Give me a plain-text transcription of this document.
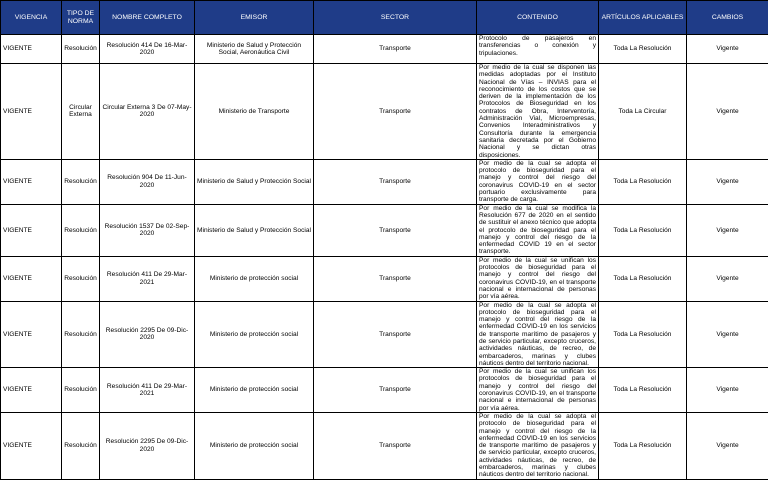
VIGENCIA	TIPO DE NORMA	NOMBRE COMPLETO	EMISOR	SECTOR	CONTENIDO	ARTÍCULOS APLICABLES	CAMBIOS
VIGENTE	Resolución	Resolución 414 De 16-Mar-2020	Ministerio de Salud y Protección Social, Aeronáutica Civil	Transporte	Protocolo de pasajeros en transferencias o conexión y tripulaciones.	Toda La Resolución	Vigente
VIGENTE	Circular Externa	Circular Externa 3 De 07-May-2020	Ministerio de Transporte	Transporte	Por medio de la cual se disponen las medidas adoptadas por el Instituto Nacional de Vías – INVIAS para el reconocimiento de los costos que se deriven de la implementación de los Protocolos de Bioseguridad en los contratos de Obra, Interventoría, Administración Vial, Microempresas, Convenios Interadministrativos y Consultoría durante la emergencia sanitaria decretada por el Gobierno Nacional y se dictan otras disposiciones.	Toda La Circular	Vigente
VIGENTE	Resolución	Resolución 904 De 11-Jun-2020	Ministerio de Salud y Protección Social	Transporte	Por medio de la cual se adopta el protocolo de bioseguridad para el manejo y control del riesgo del coronavirus COVID-19 en el sector portuario exclusivamente para transporte de carga.	Toda La Resolución	Vigente
VIGENTE	Resolución	Resolución 1537 De 02-Sep-2020	Ministerio de Salud y Protección Social	Transporte	Por medio de la cual se modifica la Resolución 677 de 2020 en el sentido de sustituir el anexo técnico que adopta el protocolo de bioseguridad para el manejo y control del riesgo de la enfermedad COVID 19 en el sector transporte.	Toda La Resolución	Vigente
VIGENTE	Resolución	Resolución 411 De 29-Mar-2021	Ministerio de protección social	Transporte	Por medio de la cual se unifican los protocolos de bioseguridad para el manejo y control del riesgo del coronavirus COVID-19, en el transporte nacional e internacional de personas por vía aérea.	Toda La Resolución	Vigente
VIGENTE	Resolución	Resolución 2295 De 09-Dic-2020	Ministerio de protección social	Transporte	Por medio de la cual se adopta el protocolo de bioseguridad para el manejo y control del riesgo de la enfermedad COVID-19 en los servicios de transporte marítimo de pasajeros y de servicio particular, excepto cruceros, actividades náuticas, de recreo, de embarcaderos, marinas y clubes náuticos dentro del territorio nacional.	Toda La Resolución	Vigente
VIGENTE	Resolución	Resolución 411 De 29-Mar-2021	Ministerio de protección social	Transporte	Por medio de la cual se unifican los protocolos de bioseguridad para el manejo y control del riesgo del coronavirus COVID-19, en el transporte nacional e internacional de personas por vía aérea.	Toda La Resolución	Vigente
VIGENTE	Resolución	Resolución 2295 De 09-Dic-2020	Ministerio de protección social	Transporte	Por medio de la cual se adopta el protocolo de bioseguridad para el manejo y control del riesgo de la enfermedad COVID-19 en los servicios de transporte marítimo de pasajeros y de servicio particular, excepto cruceros, actividades náuticas, de recreo, de embarcaderos, marinas y clubes náuticos dentro del territorio nacional.	Toda La Resolución	Vigente
